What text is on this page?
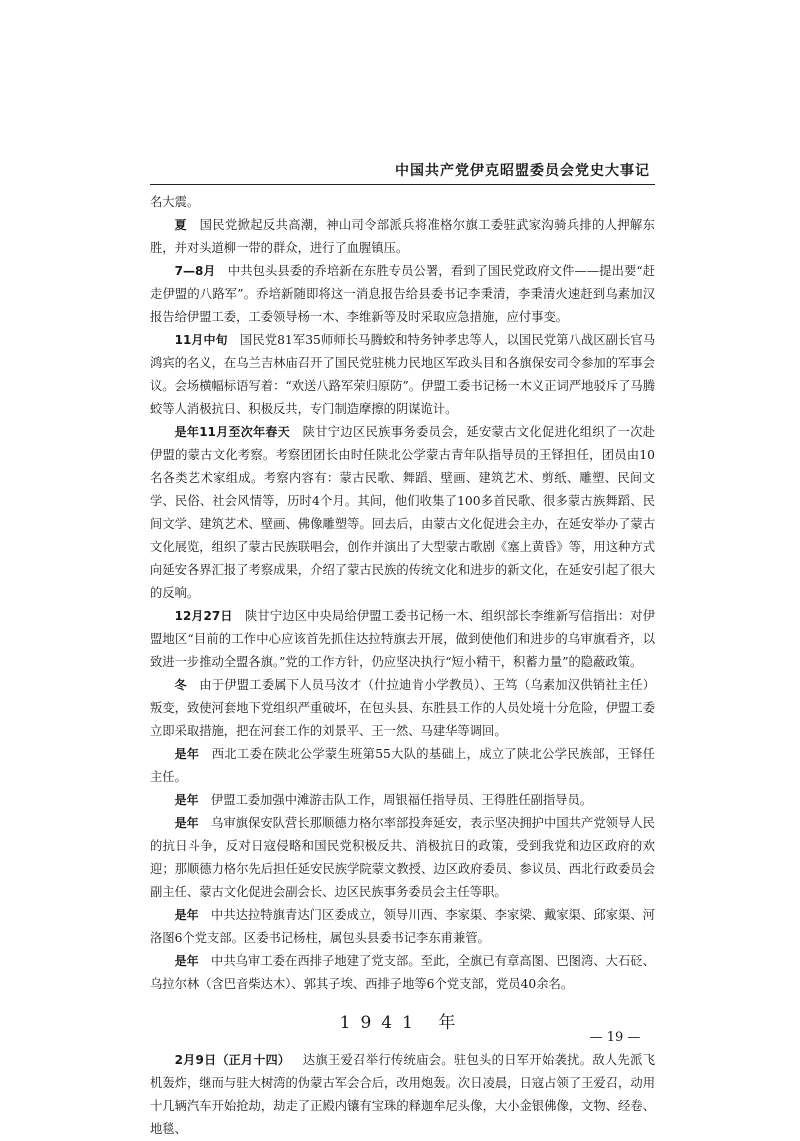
中国共产党伊克昭盟委员会党史大事记

名大震。

夏  国民党掀起反共高潮，神山司令部派兵将准格尔旗工委驻武家沟骑兵排的人押解东胜，并对头道柳一带的群众，进行了血腥镇压。

7—8月  中共包头县委的乔培新在东胜专员公署，看到了国民党政府文件——提出要“赶走伊盟的八路军”。乔培新随即将这一消息报告给县委书记李秉清，李秉清火速赶到乌素加汉报告给伊盟工委，工委领导杨一木、李维新等及时采取应急措施，应付事变。

11月中旬  国民党81军35师师长马腾蛟和特务钟孝忠等人，以国民党第八战区副长官马鸿宾的名义，在乌兰吉林庙召开了国民党驻桃力民地区军政头目和各旗保安司令参加的军事会议。会场横幅标语写着：“欢送八路军荣归原防”。伊盟工委书记杨一木义正词严地驳斥了马腾蛟等人消极抗日、积极反共，专门制造摩擦的阴谋诡计。

是年11月至次年春天  陕甘宁边区民族事务委员会，延安蒙古文化促进化组织了一次赴伊盟的蒙古文化考察。考察团团长由时任陕北公学蒙古青年队指导员的王铎担任，团员由10名各类艺术家组成。考察内容有：蒙古民歌、舞蹈、壁画、建筑艺术、剪纸、雕塑、民间文学、民俗、社会风情等，历时4个月。其间，他们收集了100多首民歌、很多蒙古族舞蹈、民间文学、建筑艺术、壁画、佛像雕塑等。回去后，由蒙古文化促进会主办，在延安举办了蒙古文化展览，组织了蒙古民族联唱会，创作并演出了大型蒙古歌剧《塞上黄昏》等，用这种方式向延安各界汇报了考察成果，介绍了蒙古民族的传统文化和进步的新文化，在延安引起了很大的反响。

12月27日  陕甘宁边区中央局给伊盟工委书记杨一木、组织部长李维新写信指出：对伊盟地区“目前的工作中心应该首先抓住达拉特旗去开展，做到使他们和进步的乌审旗看齐，以致进一步推动全盟各旗。”党的工作方针，仍应坚决执行“短小精干，积蓄力量”的隐蔽政策。

冬  由于伊盟工委属下人员马汝才（什拉迪肯小学教员）、王笃（乌素加汉供销社主任）叛变，致使河套地下党组织严重破坏，在包头县、东胜县工作的人员处境十分危险，伊盟工委立即采取措施，把在河套工作的刘景平、王一然、马建华等调回。

是年  西北工委在陕北公学蒙生班第55大队的基础上，成立了陕北公学民族部，王铎任主任。

是年  伊盟工委加强中滩游击队工作，周银福任指导员、王得胜任副指导员。

是年  乌审旗保安队营长那顺德力格尔率部投奔延安，表示坚决拥护中国共产党领导人民的抗日斗争，反对日寇侵略和国民党积极反共、消极抗日的政策，受到我党和边区政府的欢迎；那顺德力格尔先后担任延安民族学院蒙文教授、边区政府委员、参议员、西北行政委员会副主任、蒙古文化促进会副会长、边区民族事务委员会主任等职。

是年  中共达拉特旗青达门区委成立，领导川西、李家渠、李家梁、戴家渠、邱家渠、河洛图6个党支部。区委书记杨柱，属包头县委书记李东甫兼管。

是年  中共乌审工委在西排子地建了党支部。至此，全旗已有章高图、巴图湾、大石砭、乌拉尔林（含巴音柴达木）、郭其子埃、西排子地等6个党支部，党员40余名。

1941 年

2月9日（正月十四）  达旗王爱召举行传统庙会。驻包头的日军开始袭扰。敌人先派飞机轰炸，继而与驻大树湾的伪蒙古军会合后，改用炮轰。次日凌晨，日寇占领了王爱召，动用十几辆汽车开始抢劫，劫走了正殿内镶有宝珠的释迦牟尼头像，大小金银佛像，文物、经卷、地毯、

— 19 —
